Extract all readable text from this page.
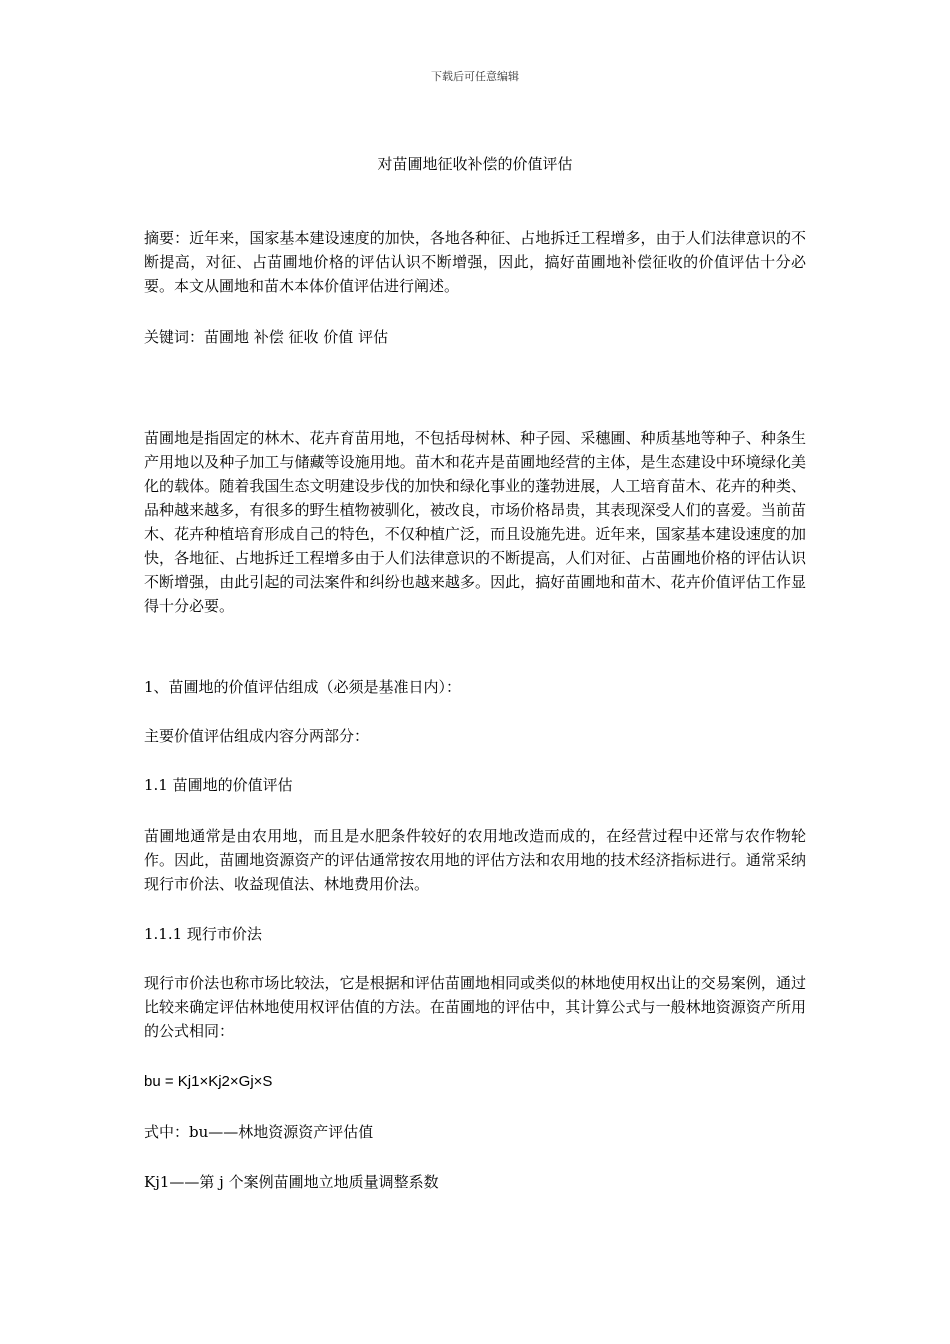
下载后可任意编辑
对苗圃地征收补偿的价值评估

摘要：近年来，国家基本建设速度的加快，各地各种征、占地拆迁工程增多，由于人们法律意识的不断提高，对征、占苗圃地价格的评估认识不断增强，因此，搞好苗圃地补偿征收的价值评估十分必要。本文从圃地和苗木本体价值评估进行阐述。

关键词：苗圃地 补偿 征收 价值 评估

苗圃地是指固定的林木、花卉育苗用地，不包括母树林、种子园、采穗圃、种质基地等种子、种条生产用地以及种子加工与储藏等设施用地。苗木和花卉是苗圃地经营的主体，是生态建设中环境绿化美化的载体。随着我国生态文明建设步伐的加快和绿化事业的蓬勃进展，人工培育苗木、花卉的种类、品种越来越多，有很多的野生植物被驯化，被改良，市场价格昂贵，其表现深受人们的喜爱。当前苗木、花卉种植培育形成自己的特色，不仅种植广泛，而且设施先进。近年来，国家基本建设速度的加快，各地征、占地拆迁工程增多由于人们法律意识的不断提高，人们对征、占苗圃地价格的评估认识不断增强，由此引起的司法案件和纠纷也越来越多。因此，搞好苗圃地和苗木、花卉价值评估工作显得十分必要。

1、苗圃地的价值评估组成（必须是基准日内）：

主要价值评估组成内容分两部分：

1.1 苗圃地的价值评估

苗圃地通常是由农用地，而且是水肥条件较好的农用地改造而成的，在经营过程中还常与农作物轮作。因此，苗圃地资源资产的评估通常按农用地的评估方法和农用地的技术经济指标进行。通常采纳现行市价法、收益现值法、林地费用价法。

1.1.1 现行市价法

现行市价法也称市场比较法，它是根据和评估苗圃地相同或类似的林地使用权出让的交易案例，通过比较来确定评估林地使用权评估值的方法。在苗圃地的评估中，其计算公式与一般林地资源资产所用的公式相同：

bu = Kj1×Kj2×Gj×S

式中：bu——林地资源资产评估值

Kj1——第 j 个案例苗圃地立地质量调整系数
